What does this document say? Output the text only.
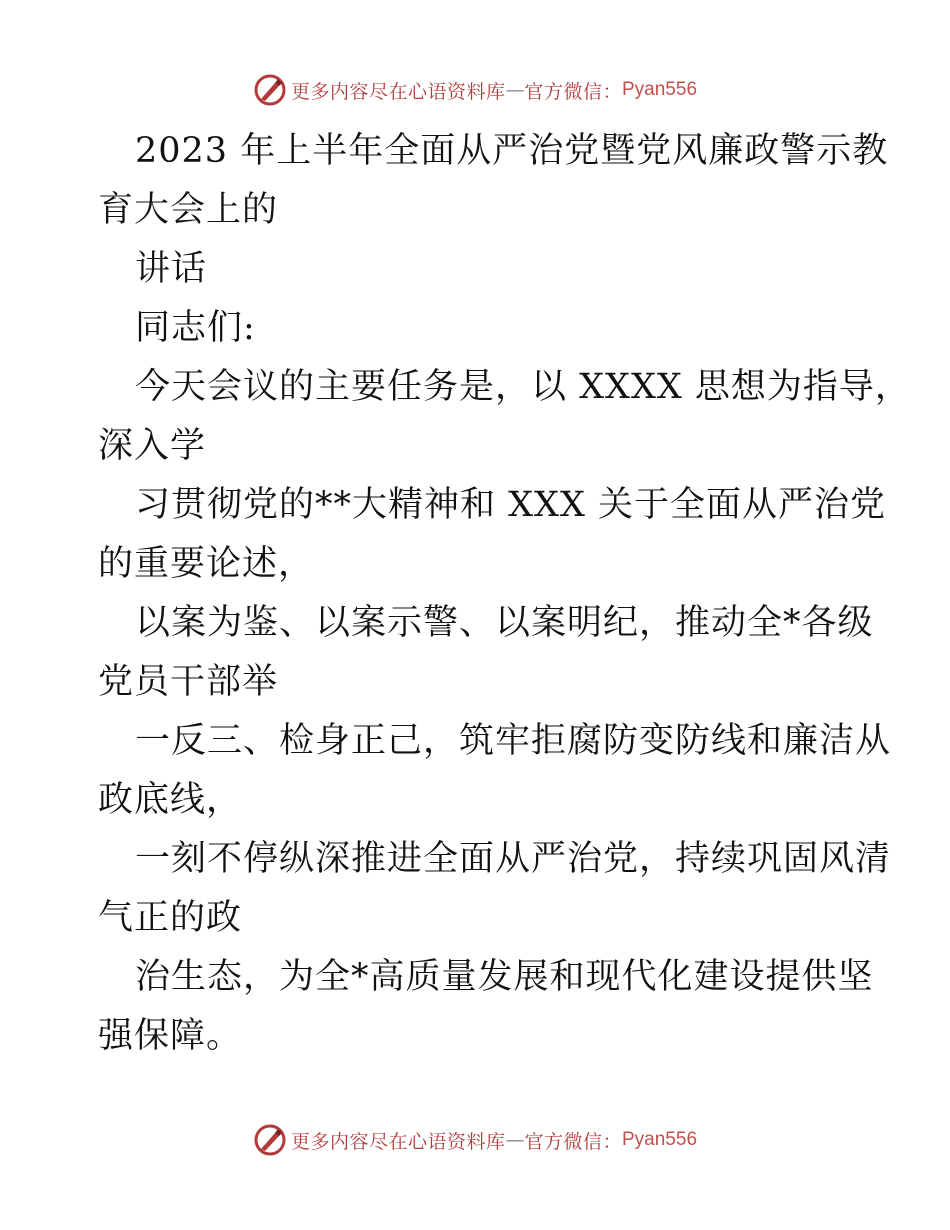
更多内容尽在心语资料库 — 官方微信： Pyan556
2023 年上半年全面从严治党暨党风廉政警示教
育大会上的
讲话
同志们:
今天会议的主要任务是，以 XXXX 思想为指导，
深入学
习贯彻党的**大精神和 XXX 关于全面从严治党
的重要论述，
以案为鉴、以案示警、以案明纪，推动全*各级
党员干部举
一反三、检身正己，筑牢拒腐防变防线和廉洁从
政底线，
一刻不停纵深推进全面从严治党，持续巩固风清
气正的政
治生态，为全*高质量发展和现代化建设提供坚
强保障。
更多内容尽在心语资料库 — 官方微信： Pyan556
